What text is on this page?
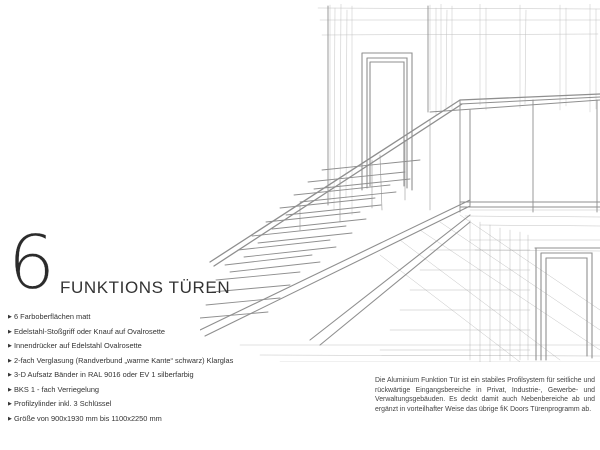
6 FUNKTIONS TÜREN
▶ 6 Farboberflächen matt
▶ Edelstahl-Stoßgriff oder Knauf auf Ovalrosette
▶ Innendrücker auf Edelstahl Ovalrosette
▶ 2-fach Verglasung (Randverbund „warme Kante“ schwarz) Klarglas
▶ 3-D Aufsatz Bänder in RAL 9016 oder EV 1 silberfarbig
▶ BKS 1 - fach Verriegelung
▶ Profilzylinder inkl. 3 Schlüssel
▶ Größe von 900x1930 mm bis 1100x2250 mm

Die Aluminium Funktion Tür ist ein stabiles Profilsystem für seitliche und rückwärtige Eingangsbereiche in Privat, Industrie-, Gewerbe- und Verwaltungsgebäuden. Es deckt damit auch Nebenbereiche ab und ergänzt in vorteilhafter Weise das übrige fiK Doors Türenprogramm ab.
